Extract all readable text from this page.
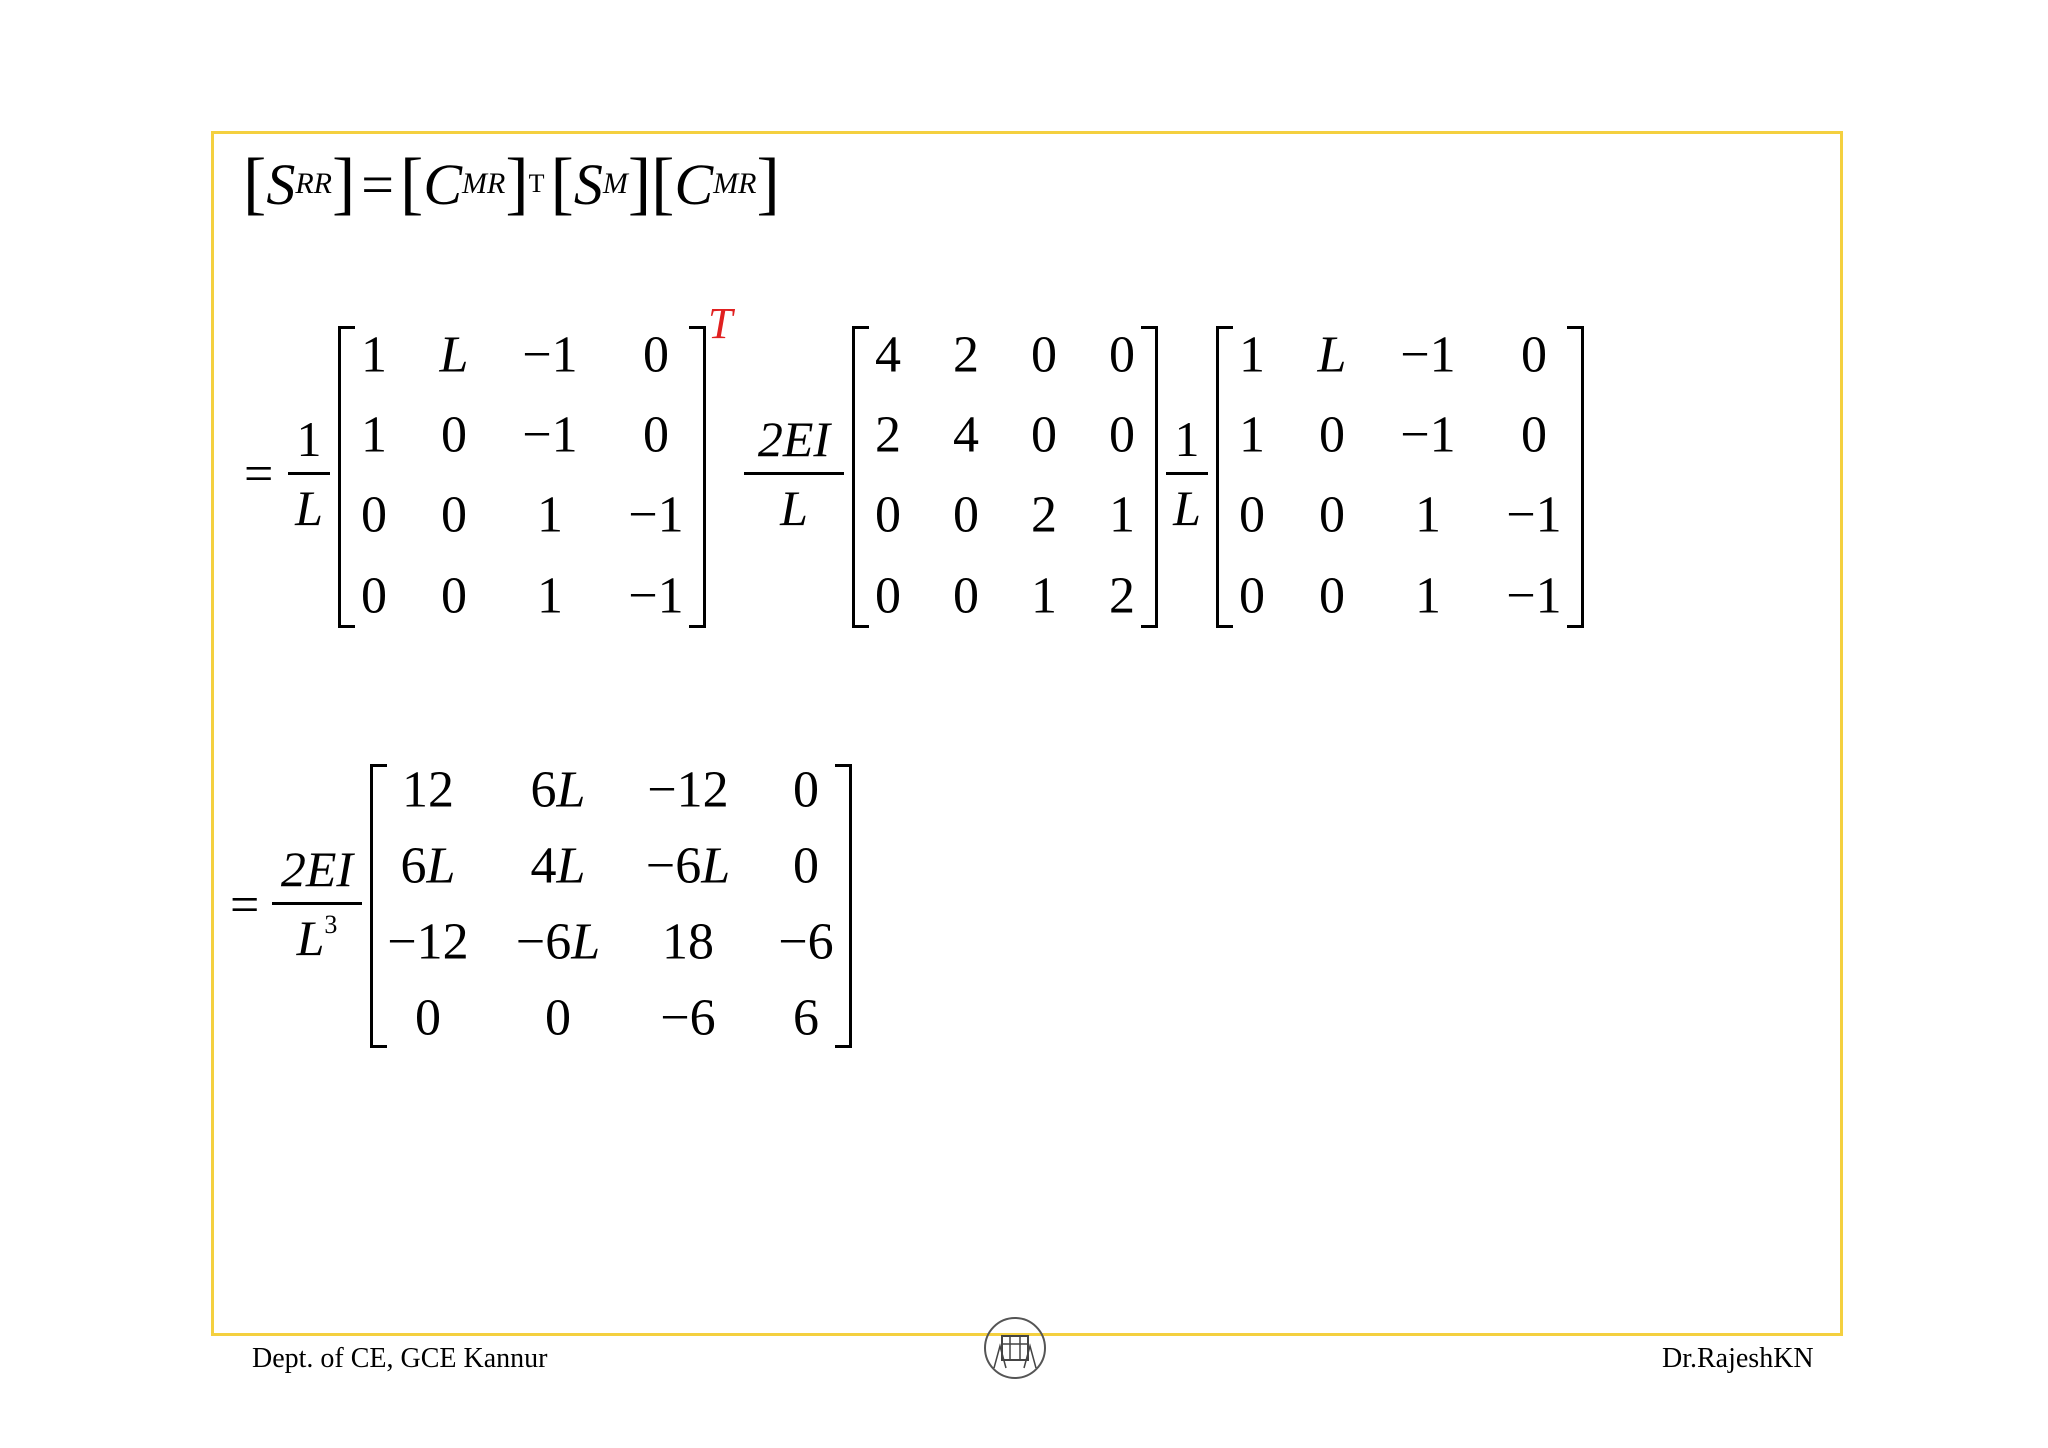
[ S RR ] = [ C MR ] T [ S M ] [ C MR ]
=
1
L
1 L −1 0
1 0 −1 0
0 0 1 −1
0 0 1 −1
T
2EI
L
4 2 0 0
2 4 0 0
0 0 2 1
0 0 1 2
1
L
1 L −1 0
1 0 −1 0
0 0 1 −1
0 0 1 −1
=
2EI
$L^3$
12 6L −12 0
6L 4L −6L 0
−12 −6L 18 −6
0 0 −6 6
Dept. of CE, GCE Kannur	Dr.RajeshKN
